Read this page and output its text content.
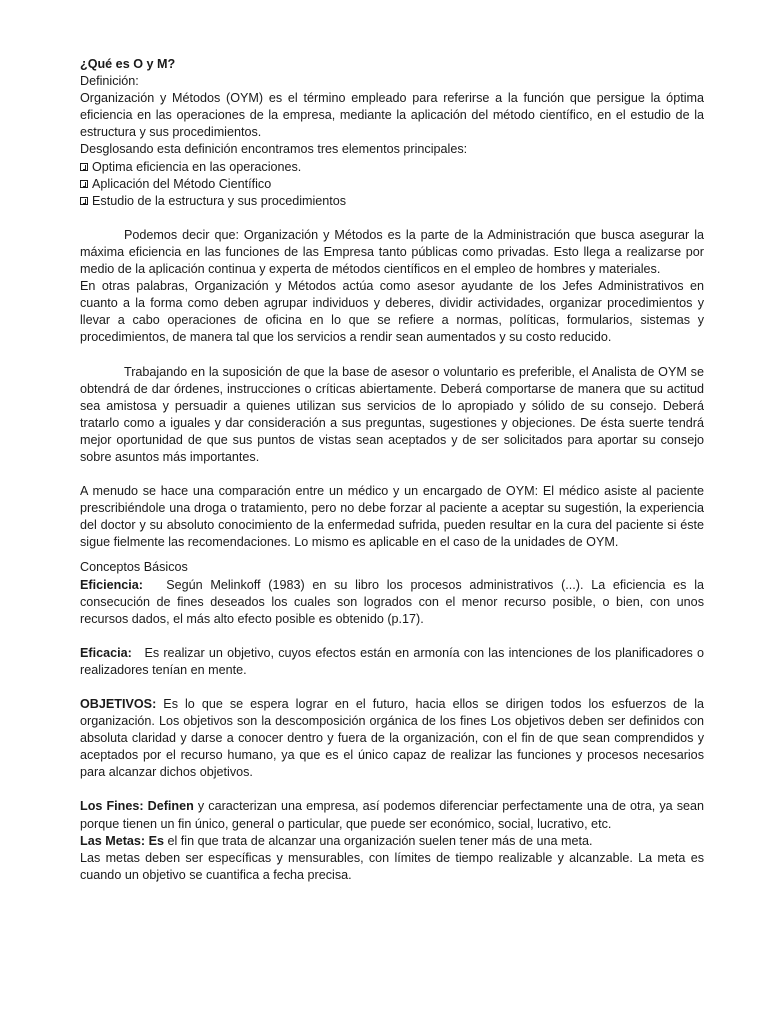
¿Qué es O y M?

Definición:

Organización y Métodos (OYM) es el término empleado para referirse a la función que persigue la óptima eficiencia en las operaciones de la empresa, mediante la aplicación del método científico, en el estudio de la estructura y sus procedimientos.

Desglosando esta definición encontramos tres elementos principales:

Optima eficiencia en las operaciones.

Aplicación del Método Científico

Estudio de la estructura y sus procedimientos

Podemos decir que: Organización y Métodos es la parte de la Administración que busca asegurar la máxima eficiencia en las funciones de las Empresa tanto públicas como privadas. Esto llega a realizarse por medio de la aplicación continua y experta de métodos científicos en el empleo de hombres y materiales.

En otras palabras, Organización y Métodos actúa como asesor ayudante de los Jefes Administrativos en cuanto a la forma como deben agrupar individuos y deberes, dividir actividades, organizar procedimientos y llevar a cabo operaciones de oficina en lo que se refiere a normas, políticas, formularios, sistemas y procedimientos, de manera tal que los servicios a rendir sean aumentados y su costo reducido.

Trabajando en la suposición de que la base de asesor o voluntario es preferible, el Analista de OYM se obtendrá de dar órdenes, instrucciones o críticas abiertamente. Deberá comportarse de manera que su actitud sea amistosa y persuadir a quienes utilizan sus servicios de lo apropiado y sólido de su consejo. Deberá tratarlo como a iguales y dar consideración a sus preguntas, sugestiones y objeciones. De ésta suerte tendrá mejor oportunidad de que sus puntos de vistas sean aceptados y de ser solicitados para aportar su consejo sobre asuntos más importantes.

A menudo se hace una comparación entre un médico y un encargado de OYM: El médico asiste al paciente prescribiéndole una droga o tratamiento, pero no debe forzar al paciente a aceptar su sugestión, la experiencia del doctor y su absoluto conocimiento de la enfermedad sufrida, pueden resultar en la cura del paciente si éste sigue fielmente las recomendaciones. Lo mismo es aplicable en el caso de la unidades de OYM.

Conceptos Básicos

Eficiencia: Según Melinkoff (1983) en su libro los procesos administrativos (...). La eficiencia es la consecución de fines deseados los cuales son logrados con el menor recurso posible, o bien, con unos recursos dados, el más alto efecto posible es obtenido (p.17).

Eficacia: Es realizar un objetivo, cuyos efectos están en armonía con las intenciones de los planificadores o realizadores tenían en mente.

OBJETIVOS: Es lo que se espera lograr en el futuro, hacia ellos se dirigen todos los esfuerzos de la organización. Los objetivos son la descomposición orgánica de los fines Los objetivos deben ser definidos con absoluta claridad y darse a conocer dentro y fuera de la organización, con el fin de que sean comprendidos y aceptados por el recurso humano, ya que es el único capaz de realizar las funciones y procesos necesarios para alcanzar dichos objetivos.

Los Fines: Definen y caracterizan una empresa, así podemos diferenciar perfectamente una de otra, ya sean porque tienen un fin único, general o particular, que puede ser económico, social, lucrativo, etc.

Las Metas: Es el fin que trata de alcanzar una organización suelen tener más de una meta.

Las metas deben ser específicas y mensurables, con límites de tiempo realizable y alcanzable. La meta es cuando un objetivo se cuantifica a fecha precisa.
